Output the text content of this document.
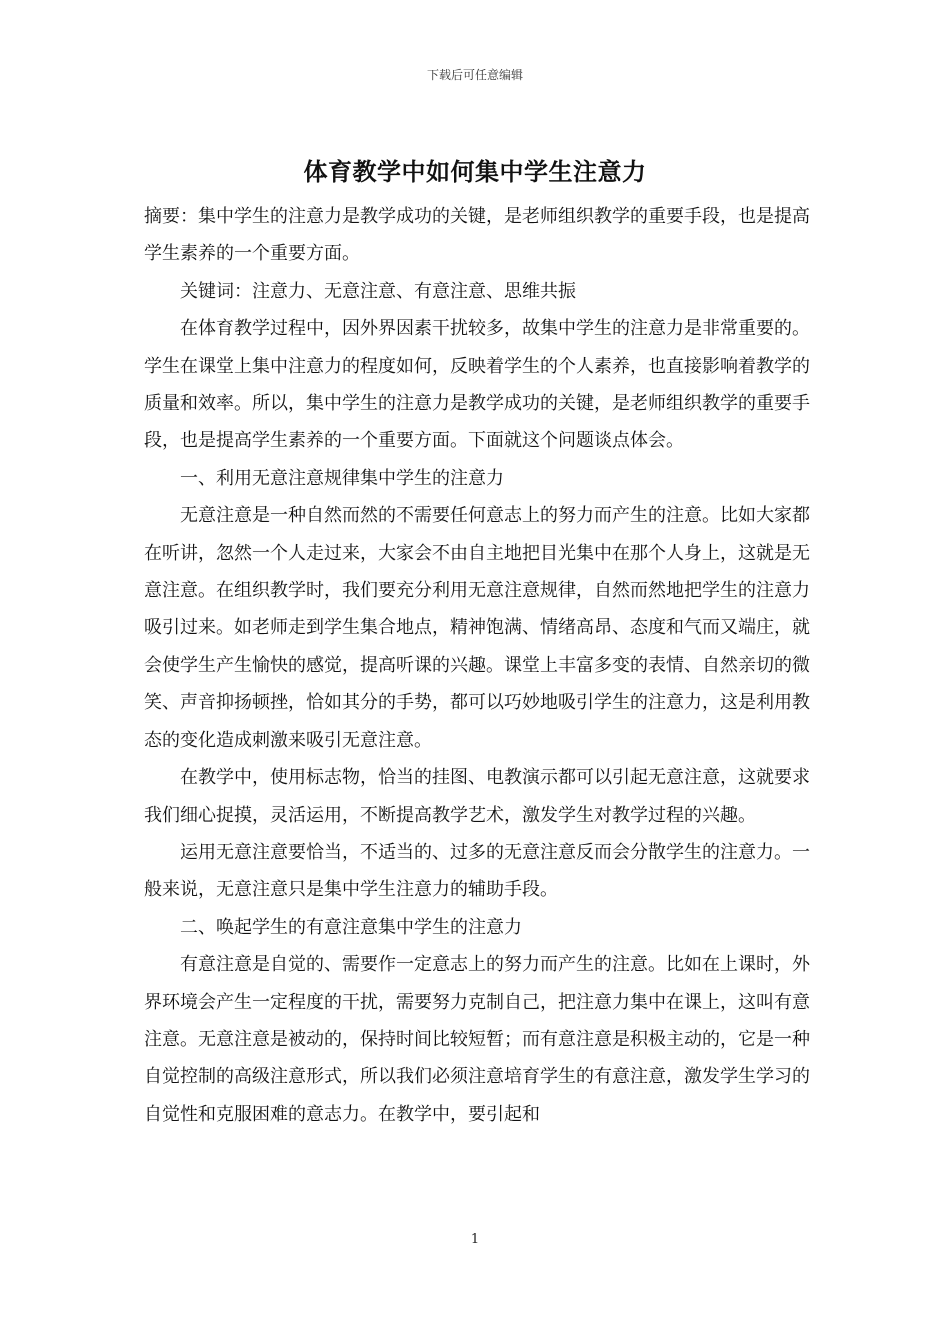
下载后可任意编辑
体育教学中如何集中学生注意力

摘要：集中学生的注意力是教学成功的关键，是老师组织教学的重要手段，也是提高学生素养的一个重要方面。

关键词：注意力、无意注意、有意注意、思维共振

在体育教学过程中，因外界因素干扰较多，故集中学生的注意力是非常重要的。学生在课堂上集中注意力的程度如何，反映着学生的个人素养，也直接影响着教学的质量和效率。所以，集中学生的注意力是教学成功的关键，是老师组织教学的重要手段，也是提高学生素养的一个重要方面。下面就这个问题谈点体会。

一、利用无意注意规律集中学生的注意力

无意注意是一种自然而然的不需要任何意志上的努力而产生的注意。比如大家都在听讲，忽然一个人走过来，大家会不由自主地把目光集中在那个人身上，这就是无意注意。在组织教学时，我们要充分利用无意注意规律，自然而然地把学生的注意力吸引过来。如老师走到学生集合地点，精神饱满、情绪高昂、态度和气而又端庄，就会使学生产生愉快的感觉，提高听课的兴趣。课堂上丰富多变的表情、自然亲切的微笑、声音抑扬顿挫，恰如其分的手势，都可以巧妙地吸引学生的注意力，这是利用教态的变化造成刺激来吸引无意注意。

在教学中，使用标志物，恰当的挂图、电教演示都可以引起无意注意，这就要求我们细心捉摸，灵活运用，不断提高教学艺术，激发学生对教学过程的兴趣。

运用无意注意要恰当，不适当的、过多的无意注意反而会分散学生的注意力。一般来说，无意注意只是集中学生注意力的辅助手段。

二、唤起学生的有意注意集中学生的注意力

有意注意是自觉的、需要作一定意志上的努力而产生的注意。比如在上课时，外界环境会产生一定程度的干扰，需要努力克制自己，把注意力集中在课上，这叫有意注意。无意注意是被动的，保持时间比较短暂；而有意注意是积极主动的，它是一种自觉控制的高级注意形式，所以我们必须注意培育学生的有意注意，激发学生学习的自觉性和克服困难的意志力。在教学中，要引起和

1
